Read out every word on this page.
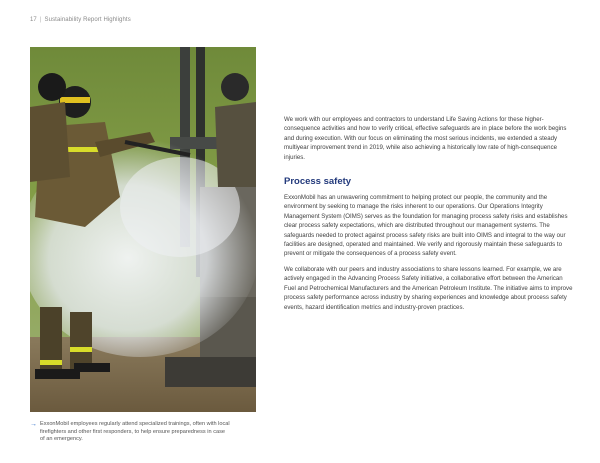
17 | Sustainability Report Highlights
→ ExxonMobil employees regularly attend specialized trainings, often with local firefighters and other first responders, to help ensure preparedness in case of an emergency.

We work with our employees and contractors to understand Life Saving Actions for these higher-consequence activities and how to verify critical, effective safeguards are in place before the work begins and during execution. With our focus on eliminating the most serious incidents, we extended a steady multiyear improvement trend in 2019, while also achieving a historically low rate of high-consequence injuries.

Process safety

ExxonMobil has an unwavering commitment to helping protect our people, the community and the environment by seeking to manage the risks inherent to our operations. Our Operations Integrity Management System (OIMS) serves as the foundation for managing process safety risks and establishes clear process safety expectations, which are distributed throughout our management systems. The safeguards needed to protect against process safety risks are built into OIMS and integral to the way our facilities are designed, operated and maintained. We verify and rigorously maintain these safeguards to prevent or mitigate the consequences of a process safety event.

We collaborate with our peers and industry associations to share lessons learned. For example, we are actively engaged in the Advancing Process Safety initiative, a collaborative effort between the American Fuel and Petrochemical Manufacturers and the American Petroleum Institute. The initiative aims to improve process safety performance across industry by sharing experiences and knowledge about process safety events, hazard identification metrics and industry-proven practices.
